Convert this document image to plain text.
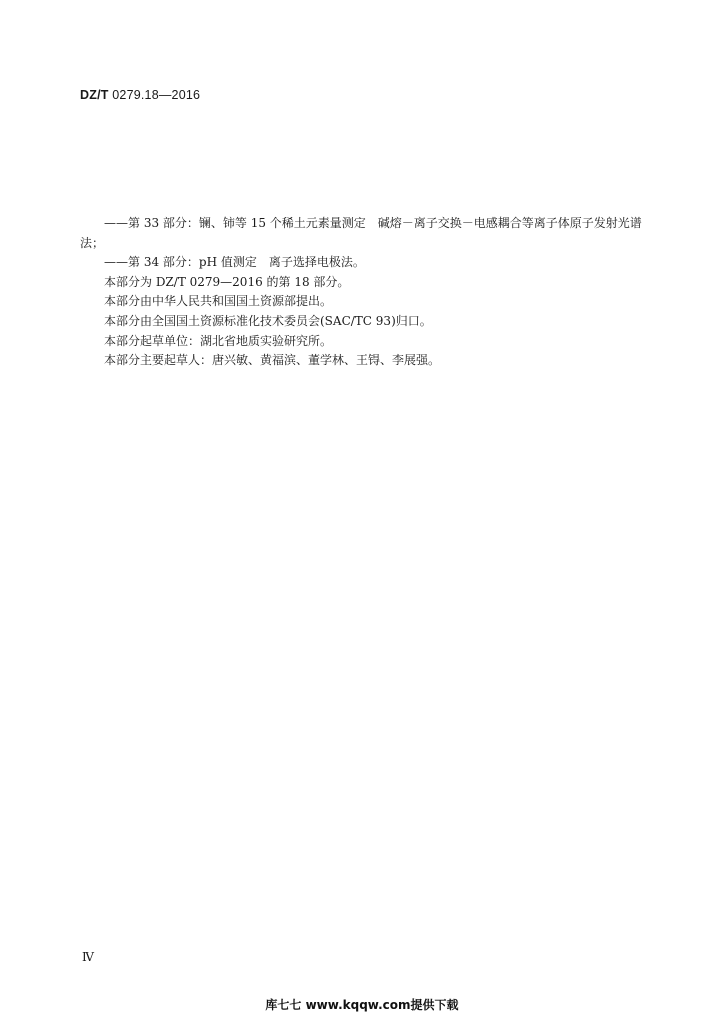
DZ/T 0279.18—2016

——第 33 部分：镧、铈等 15 个稀土元素量测定　碱熔－离子交换－电感耦合等离子体原子发射光谱法；

——第 34 部分：pH 值测定　离子选择电极法。

本部分为 DZ/T 0279—2016 的第 18 部分。

本部分由中华人民共和国国土资源部提出。

本部分由全国国土资源标准化技术委员会(SAC/TC 93)归口。

本部分起草单位：湖北省地质实验研究所。

本部分主要起草人：唐兴敏、黄福滨、董学林、王锝、李展强。

Ⅳ
库七七 www.kqqw.com提供下载
